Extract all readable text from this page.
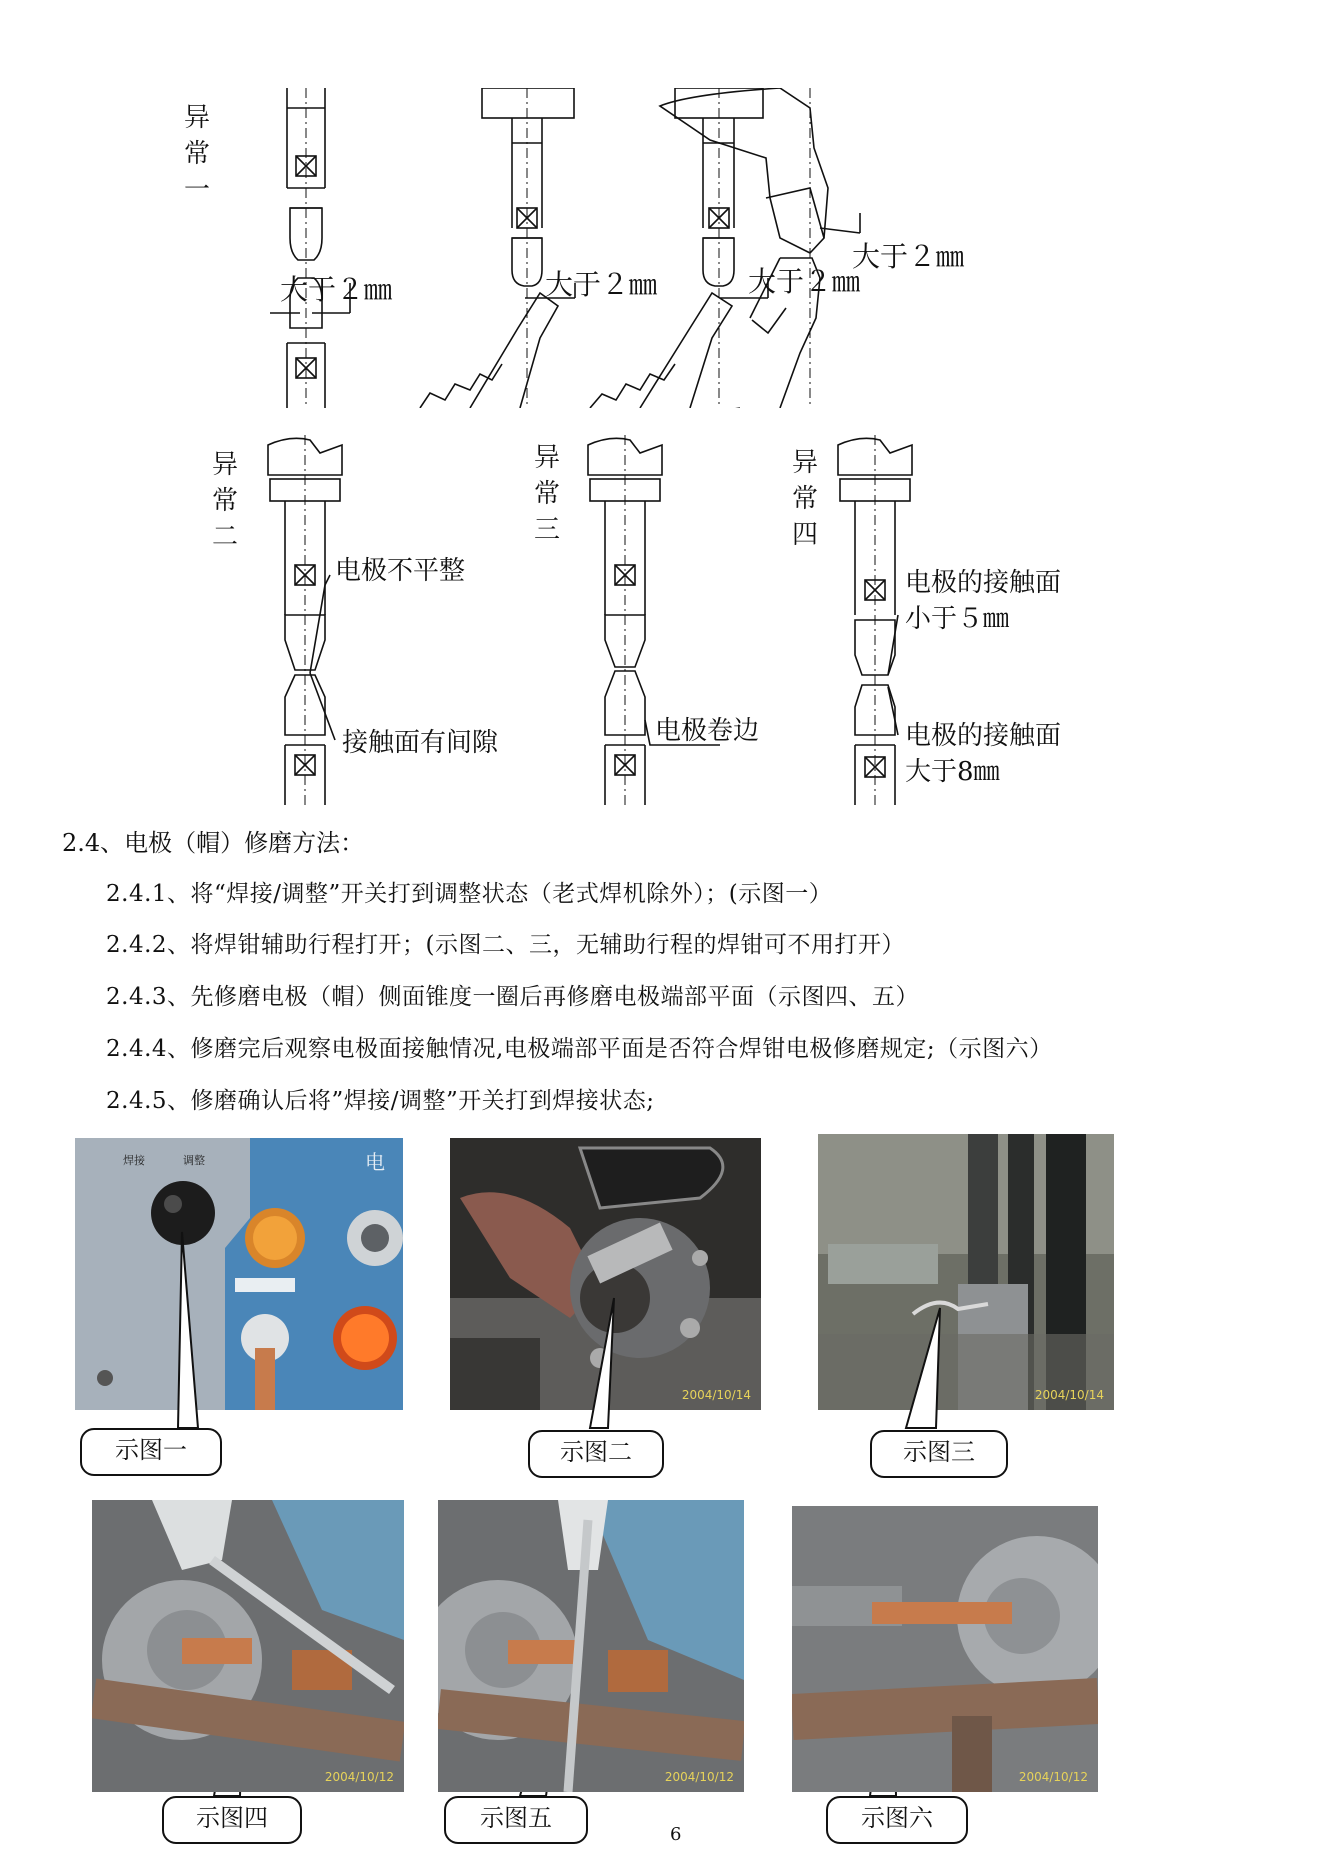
异
常
一
大于２㎜	大于２㎜	大于２㎜
大于２㎜
异
常
二
电极不平整
接触面有间隙
异
常
三
电极卷边
异
常
四
电极的接触面
小于５㎜
电极的接触面
大于8㎜
2.4、电极（帽）修磨方法：
2.4.1、将“焊接/调整”开关打到调整状态（老式焊机除外）；(示图一）
2.4.2、将焊钳辅助行程打开；(示图二、三，无辅助行程的焊钳可不用打开）
2.4.3、先修磨电极（帽）侧面锥度一圈后再修磨电极端部平面（示图四、五）
2.4.4、修磨完后观察电极面接触情况,电极端部平面是否符合焊钳电极修磨规定;（示图六）
2.4.5、修磨确认后将”焊接/调整”开关打到焊接状态;
焊接	调整	电
2004/10/14	2004/10/14
示图一	示图二	示图三
2004/10/12	2004/10/12	2004/10/12
示图四	示图五	示图六
6
